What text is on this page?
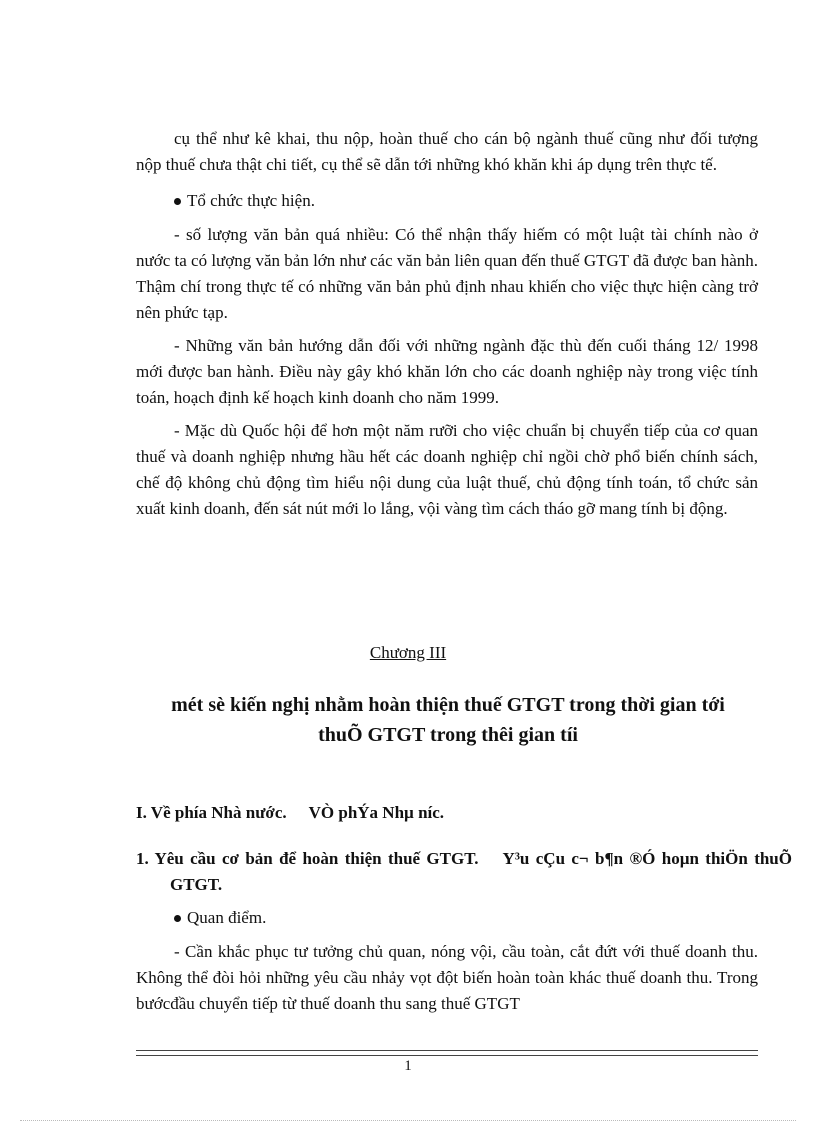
cụ thể như kê khai, thu nộp, hoàn thuế cho cán bộ ngành thuế cũng như đối tượng nộp thuế chưa thật chi tiết, cụ thể sẽ dẫn tới những khó khăn khi áp dụng trên thực tế.

Tổ chức thực hiện.

- số lượng văn bản quá nhiều: Có thể nhận thấy hiếm có một luật tài chính nào ở nước ta có lượng văn bản lớn như các văn bản liên quan đến thuế GTGT đã được ban hành. Thậm chí trong thực tế có những văn bản phủ định nhau khiến cho việc thực hiện càng trở nên phức tạp.

- Những văn bản hướng dẫn đối với những ngành đặc thù đến cuối tháng 12/ 1998 mới được ban hành. Điều này gây khó khăn lớn cho các doanh nghiệp này trong việc tính toán, hoạch định kế hoạch kinh doanh cho năm 1999.

- Mặc dù Quốc hội để hơn một năm rưỡi cho việc chuẩn bị chuyển tiếp của cơ quan thuế và doanh nghiệp nhưng hầu hết các doanh nghiệp chỉ ngồi chờ phổ biến chính sách, chế độ không chủ động tìm hiểu nội dung của luật thuế, chủ động tính toán, tổ chức sản xuất kinh doanh, đến sát nút mới lo lắng, vội vàng tìm cách tháo gỡ mang tính bị động.

Chương III
mét sè kiến nghị nhằm hoàn thiện thuế GTGT trong thời gian tới
thuÕ GTGT trong thêi gian tíi
I. Về phía Nhà nước. VÒ phÝa Nhµ níc.

1. Yêu cầu cơ bản để hoàn thiện thuế GTGT. Y³u cÇu c¬ b¶n ®Ó hoµn thiÖn thuÕ GTGT.

Quan điểm.

- Cần khắc phục tư tưởng chủ quan, nóng vội, cầu toàn, cắt đứt với thuế doanh thu. Không thể đòi hỏi những yêu cầu nhảy vọt đột biến hoàn toàn khác thuế doanh thu. Trong bướcđầu chuyển tiếp từ thuế doanh thu sang thuế GTGT

1
